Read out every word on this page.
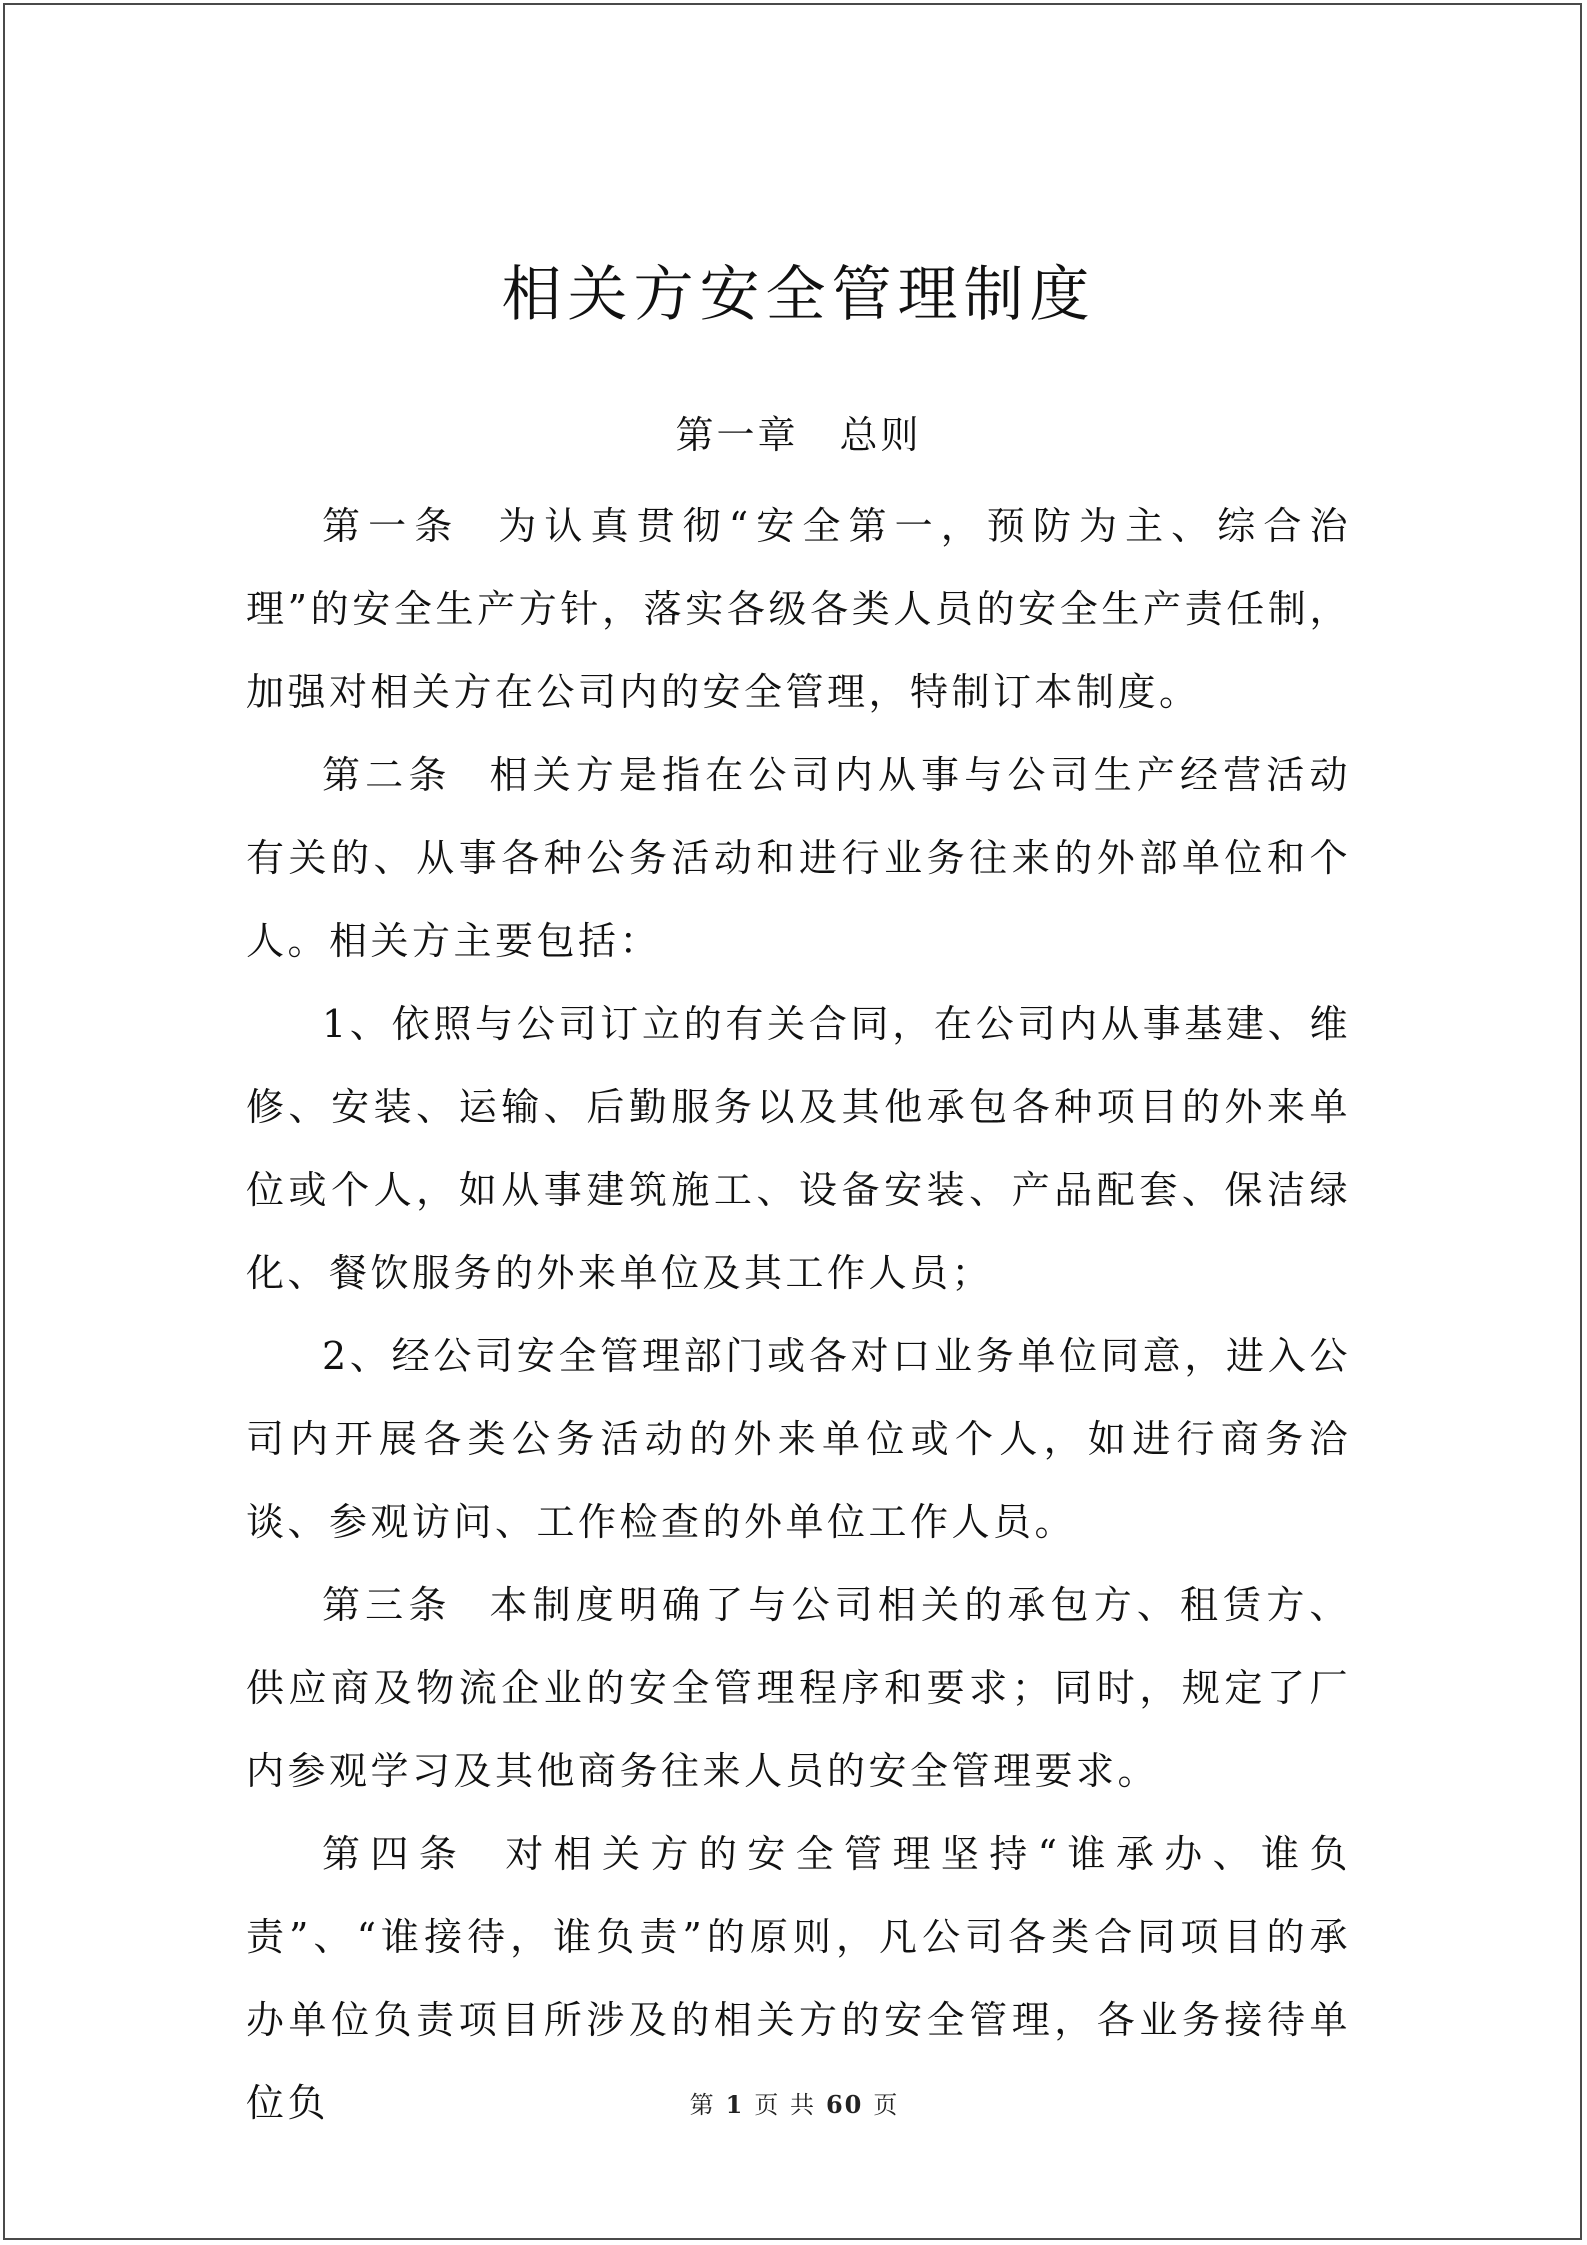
相关方安全管理制度
第一章　总则

第一条 为认真贯彻“安全第一，预防为主、综合治理”的安全生产方针，落实各级各类人员的安全生产责任制，加强对相关方在公司内的安全管理，特制订本制度。

第二条 相关方是指在公司内从事与公司生产经营活动有关的、从事各种公务活动和进行业务往来的外部单位和个人。相关方主要包括：

1、依照与公司订立的有关合同，在公司内从事基建、维修、安装、运输、后勤服务以及其他承包各种项目的外来单位或个人，如从事建筑施工、设备安装、产品配套、保洁绿化、餐饮服务的外来单位及其工作人员；

2、经公司安全管理部门或各对口业务单位同意，进入公司内开展各类公务活动的外来单位或个人，如进行商务洽谈、参观访问、工作检查的外单位工作人员。

第三条 本制度明确了与公司相关的承包方、租赁方、供应商及物流企业的安全管理程序和要求；同时，规定了厂内参观学习及其他商务往来人员的安全管理要求。

第四条 对相关方的安全管理坚持“谁承办、谁负责”、“谁接待，谁负责”的原则，凡公司各类合同项目的承办单位负责项目所涉及的相关方的安全管理，各业务接待单位负	第 1 页 共 60 页
